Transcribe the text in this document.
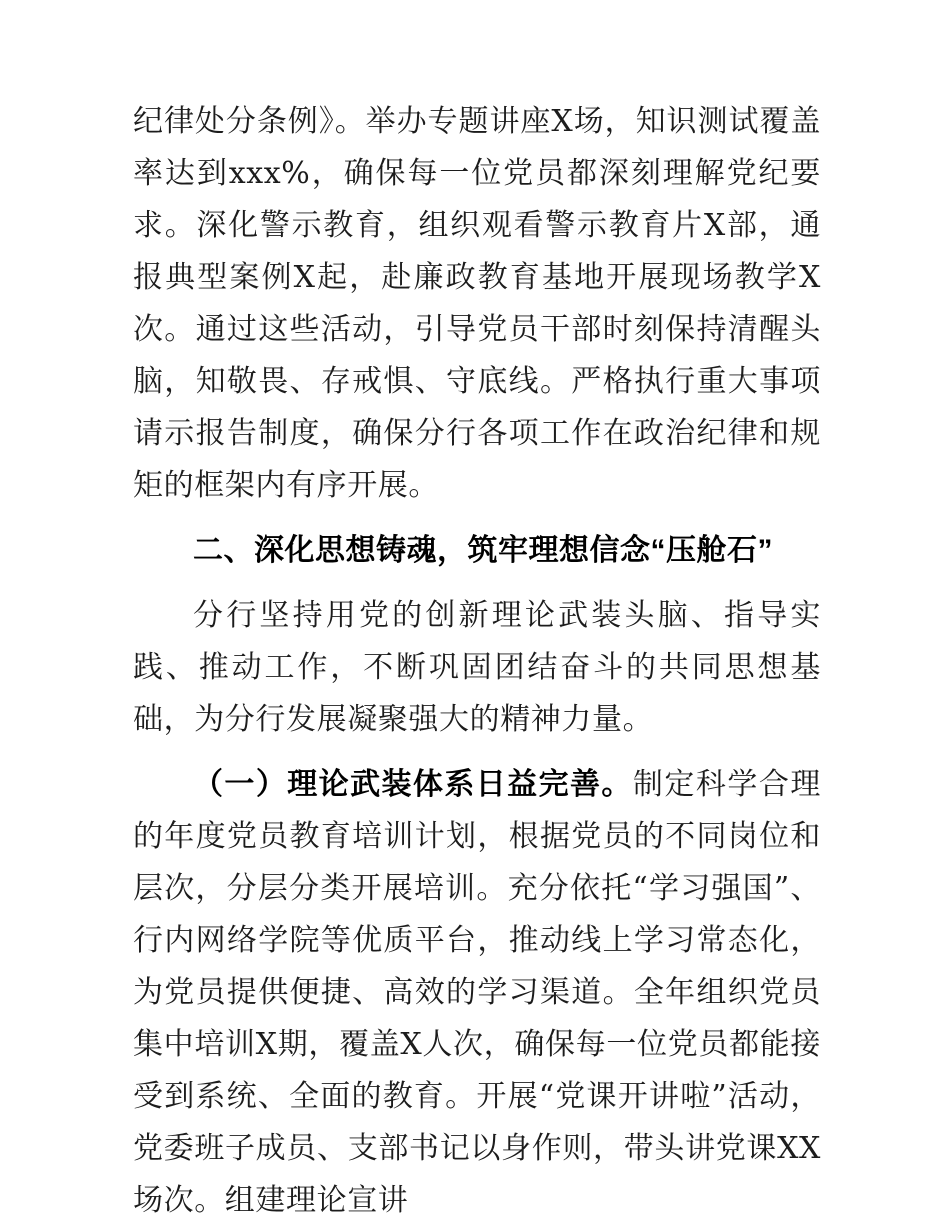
纪律处分条例》。举办专题讲座X场，知识测试覆盖率达到xxx%，确保每一位党员都深刻理解党纪要求。深化警示教育，组织观看警示教育片X部，通报典型案例X起，赴廉政教育基地开展现场教学X次。通过这些活动，引导党员干部时刻保持清醒头脑，知敬畏、存戒惧、守底线。严格执行重大事项请示报告制度，确保分行各项工作在政治纪律和规矩的框架内有序开展。

二、深化思想铸魂，筑牢理想信念“压舱石”

分行坚持用党的创新理论武装头脑、指导实践、推动工作，不断巩固团结奋斗的共同思想基础，为分行发展凝聚强大的精神力量。

（一）理论武装体系日益完善。制定科学合理的年度党员教育培训计划，根据党员的不同岗位和层次，分层分类开展培训。充分依托“学习强国”、行内网络学院等优质平台，推动线上学习常态化，为党员提供便捷、高效的学习渠道。全年组织党员集中培训X期，覆盖X人次，确保每一位党员都能接受到系统、全面的教育。开展“党课开讲啦”活动，党委班子成员、支部书记以身作则，带头讲党课XX场次。组建理论宣讲
